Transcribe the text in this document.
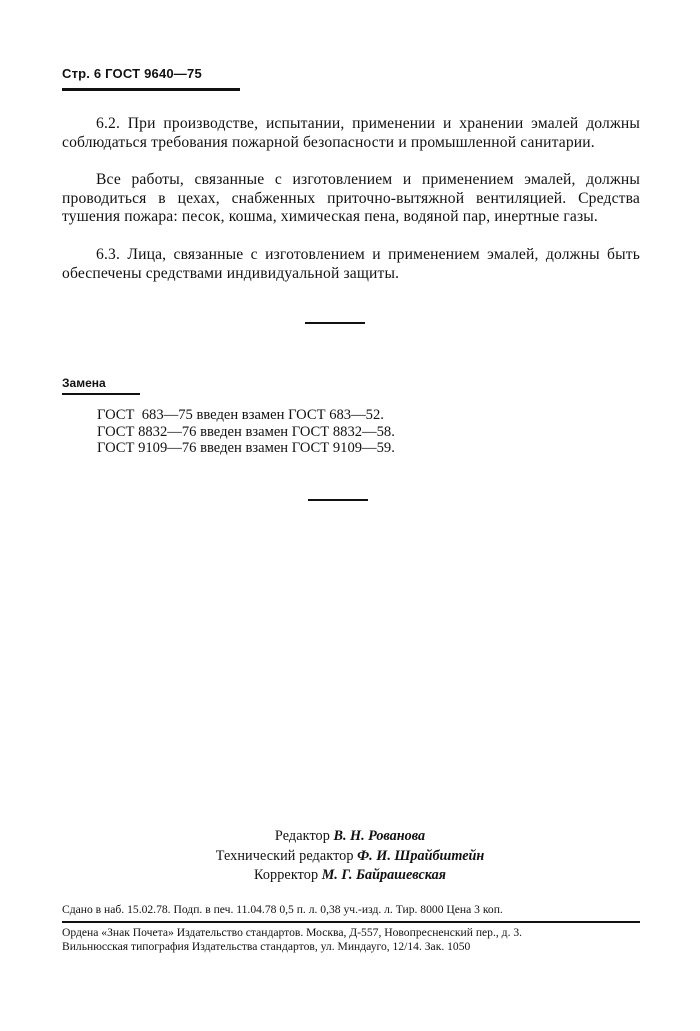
Стр. 6 ГОСТ 9640—75

6.2. При производстве, испытании, применении и хранении эмалей должны соблюдаться требования пожарной безопасности и промышленной санитарии.

Все работы, связанные с изготовлением и применением эмалей, должны проводиться в цехах, снабженных приточно-вытяжной вентиляцией. Средства тушения пожара: песок, кошма, химическая пена, водяной пар, инертные газы.

6.3. Лица, связанные с изготовлением и применением эмалей, должны быть обеспечены средствами индивидуальной защиты.

Замена
ГОСТ  683—75 введен взамен ГОСТ 683—52.
ГОСТ 8832—76 введен взамен ГОСТ 8832—58.
ГОСТ 9109—76 введен взамен ГОСТ 9109—59.
Редактор В. Н. Рованова
Технический редактор Ф. И. Шрайбштейн
Корректор М. Г. Байрашевская

Сдано в наб. 15.02.78. Подп. в печ. 11.04.78 0,5 п. л. 0,38 уч.-изд. л. Тир. 8000 Цена 3 коп.

Ордена «Знак Почета» Издательство стандартов. Москва, Д-557, Новопресненский пер., д. 3.

Вильнюсская типография Издательства стандартов, ул. Миндауго, 12/14. Зак. 1050
